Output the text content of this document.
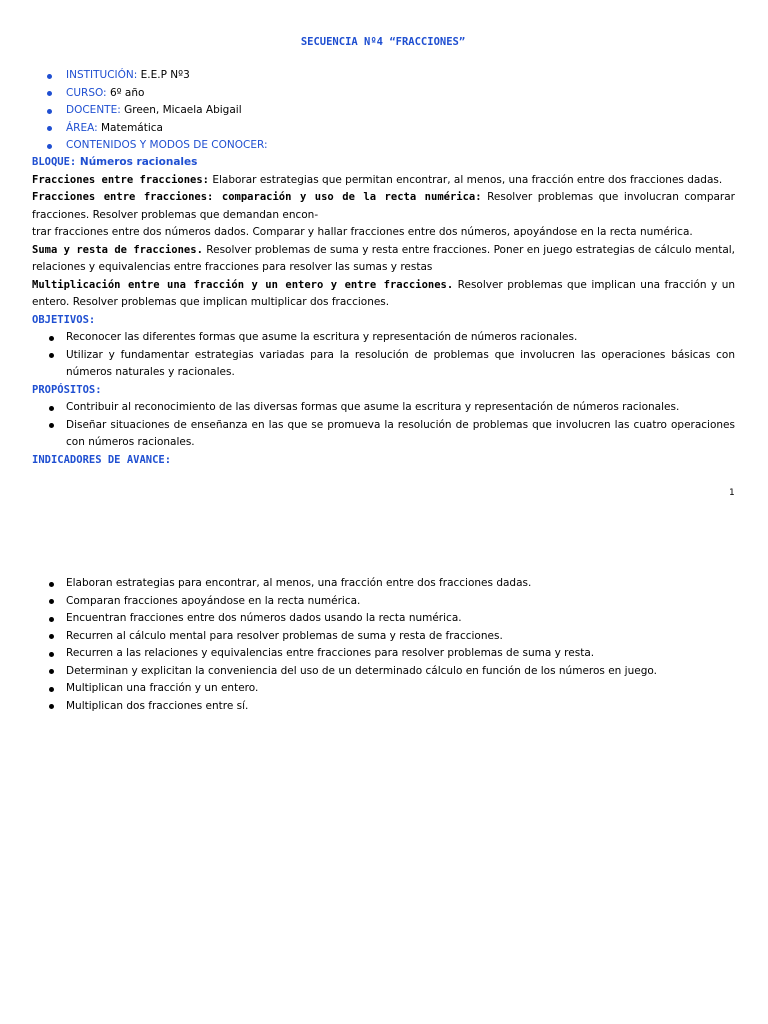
SECUENCIA Nº4 “FRACCIONES”
INSTITUCIÓN: E.E.P Nº3
CURSO: 6º año
DOCENTE: Green, Micaela Abigail
ÁREA: Matemática
CONTENIDOS Y MODOS DE CONOCER:
BLOQUE: Números racionales
Fracciones entre fracciones: Elaborar estrategias que permitan encontrar, al menos, una fracción entre dos fracciones dadas.
Fracciones entre fracciones: comparación y uso de la recta numérica: Resolver problemas que involucran comparar fracciones. Resolver problemas que demandan encon-
trar fracciones entre dos números dados. Comparar y hallar fracciones entre dos números, apoyándose en la recta numérica.
Suma y resta de fracciones. Resolver problemas de suma y resta entre fracciones. Poner en juego estrategias de cálculo mental, relaciones y equivalencias entre fracciones para resolver las sumas y restas
Multiplicación entre una fracción y un entero y entre fracciones. Resolver problemas que implican una fracción y un entero. Resolver problemas que implican multiplicar dos fracciones.
OBJETIVOS:
Reconocer las diferentes formas que asume la escritura y representación de números racionales.
Utilizar y fundamentar estrategias variadas para la resolución de problemas que involucren las operaciones básicas con números naturales y racionales.
PROPÓSITOS:
Contribuir al reconocimiento de las diversas formas que asume la escritura y representación de números racionales.
Diseñar situaciones de enseñanza en las que se promueva la resolución de problemas que involucren las cuatro operaciones con números racionales.
INDICADORES DE AVANCE:
1
Elaboran estrategias para encontrar, al menos, una fracción entre dos fracciones dadas.
Comparan fracciones apoyándose en la recta numérica.
Encuentran fracciones entre dos números dados usando la recta numérica.
Recurren al cálculo mental para resolver problemas de suma y resta de fracciones.
Recurren a las relaciones y equivalencias entre fracciones para resolver problemas de suma y resta.
Determinan y explicitan la conveniencia del uso de un determinado cálculo en función de los números en juego.
Multiplican una fracción y un entero.
Multiplican dos fracciones entre sí.
